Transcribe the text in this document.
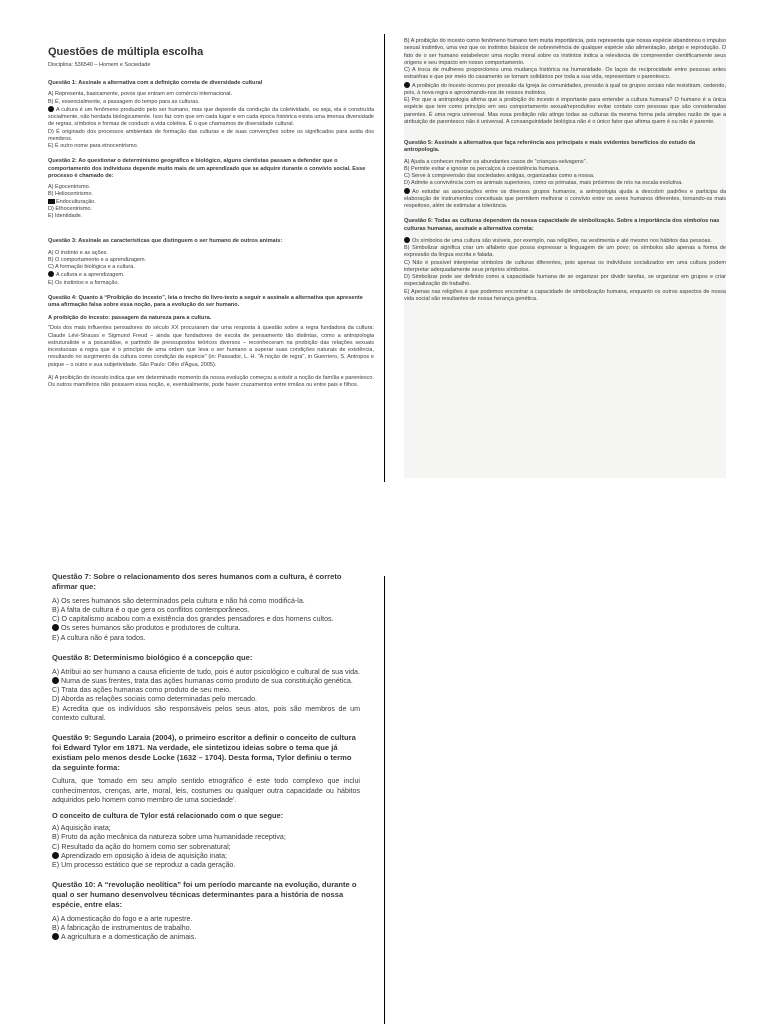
Questões de múltipla escolha
Disciplina: 536540 – Homem e Sociedade
Questão 1: Assinale a alternativa com a definição correta de diversidade cultural

A) Representa, basicamente, povos que entram em comércio internacional.

B) É, essencialmente, a passagem do tempo para as culturas.

A cultura é um fenômeno produzido pelo ser humano, mas que depende da condução da coletividade, ou seja, ela é construída socialmente, não herdada biologicamente. Isso faz com que em cada lugar e em cada época histórica exista uma imensa diversidade de regras, símbolos e formas de conduzir a vida coletiva. É o que chamamos de diversidade cultural.

D) É originado dos processos ambientais de formação das culturas e de suas convenções sobre os significados para avida dos membros.

E) É outro nome para etnocentrismo.

Questão 2: Ao questionar o determinismo geográfico e biológico, alguns cientistas passam a defender que o comportamento dos indivíduos depende muito mais de um aprendizado que se adquire durante o convívio social. Esse processo é chamado de:

A) Egocentrismo.

B) Heliocentrismo.

Endoculturação.

D) Ethocentrismo.

E) Identidade.

Questão 3: Assinale as características que distinguem o ser humano de outros animais:

A) O instinto e as ações.

B) O comportamento e a aprendizagem.

C) A formação biológica e a cultura.

A cultura e a aprendizagem.

E) Os instintos e a formação.

Questão 4: Quanto à “Proibição do incesto”, leia o trecho do livro-texto a seguir e assinale a alternativa que apresente uma afirmação falsa sobre essa noção, para a evolução do ser humano.
A proibição do incesto: passagem da natureza para a cultura.

"Dois dos mais influentes pensadores do século XX procuraram dar uma resposta à questão sobre a regra fundadora da cultura: Claude Lévi-Strauss e Sigmund Freud – ainda que fundadores de escola de pensamento tão distintas, como a antropologia estruturaliste e a psicanálise, e partindo de pressupostos teóricos diversos – reconheceram na proibição das relações sexuais incestuosas a regra que é o princípio de uma ordem que leva o ser humano a superar suas condições naturais de existência, resultando no surgimento da cultura como condição da espécie" (in: Passador, L. H. "A noção de regra", in Guerriero, S. Antropos e psique – o outro e sua subjetividade. São Paulo: Olho d'Água, 2005).

A) A proibição do incesto indica que em determinado momento da nossa evolução começou a existir a noção de família e parentesco. Os outros mamíferos não possuem essa noção, e, eventualmente, pode haver cruzamentos entre irmãos ou entre pais e filhos.

B) A proibição do incesto como fenômeno humano tem muita importância, pois representa que nossa espécie abandonou o impulso sexual instintivo, uma vez que os instintos básicos de sobrevivência de qualquer espécie são alimentação, abrigo e reprodução. O fato de o ser humano estabelecer uma noção moral sobre os instintos indica a relevância de compreender cientificamente seus origens e seu impacto em nosso comportamento.

C) A troca de mulheres proporcionou uma mudança histórica na humanidade. Os laços de reciprocidade entre pessoas antes estranhas e que por meio do casamento se tornam solidários por toda a sua vida, representam o parentesco.

A proibição do incesto ocorreu por pressão da Igreja às comunidades, pressão à qual os grupos sociais não resistiram, cedendo, pois, à nova regra e aproximando-nos de nossos instintos.

E) Por que a antropologia afirma que a proibição do incesto é importante para entender a cultura humana? O humano é a única espécie que tem como princípio em seu comportamento sexual/reprodutivo evitar contato com pessoas que são consideradas parentes. É uma regra universal. Mas essa proibição não atinge todas as culturas da mesma forma pela simples razão de que a atribuição de parentesco não é universal. A consanguinidade biológica não é o único fator que afirma quem é ou não é parente.

Questão 5: Assinale a alternativa que faça referência aos principais e mais evidentes benefícios do estudo da antropologia.

A) Ajuda a conhecer melhor os abundantes casos de "crianças-selvagens".

B) Permite evitar e ignorar os percalços à coexistência humana.

C) Serve à compreensão das sociedades antigas, organizadas como a nossa.

D) Admite a convivência com os animais superiores, como os primatas, mais próximos de nós na escala evolutiva.

Ao estudar as associações entre os diversos grupos humanos, a antropologia ajuda a descobrir padrões e participa da elaboração de instrumentos conceituais que permitem melhorar o convívio entre os seres humanos diferentes, tornando-os mais respeitoso, além de estimular a tolerância.

Questão 6: Todas as culturas dependem da nossa capacidade de simbolização. Sobre a importância dos símbolos nas culturas humanas, assinale a alternativa correta:

Os símbolos de uma cultura são visíveis, por exemplo, nas religiões, na vestimenta e até mesmo nos hábitos das pessoas.

B) Simbolizar significa criar um alfabeto que possa expressar a linguagem de um povo; os símbolos são apenas a forma de expressão da língua escrita e falada.

C) Não é possível interpretar símbolos de culturas diferentes, pois apenas os indivíduos socializados em uma cultura podem interpretar adequadamente seus próprios símbolos.

D) Simbolizar pode ser definido como a capacidade humana de se organizar por dividir tarefas, se organizar em grupos e criar especialização do trabalho.

E) Apenas nas religiões é que podemos encontrar a capacidade de simbolização humana, enquanto os outros aspectos de nossa vida social são resultantes de nossa herança genética.

Questão 7: Sobre o relacionamento dos seres humanos com a cultura, é correto afirmar que:

A) Os seres humanos são determinados pela cultura e não há como modificá-la.

B) A falta de cultura é o que gera os conflitos contemporâneos.

C) O capitalismo acabou com a existência dos grandes pensadores e dos homens cultos.

Os seres humanos são produtos e produtores de cultura.

E) A cultura não é para todos.

Questão 8: Determinismo biológico é a concepção que:

A) Atribui ao ser humano a causa eficiente de tudo, pois é autor psicológico e cultural de sua vida.

Numa de suas frentes, trata das ações humanas como produto de sua constituição genética.

C) Trata das ações humanas como produto de seu meio.

D) Aborda as relações sociais como determinadas pelo mercado.

E) Acredita que os indivíduos são responsáveis pelos seus atos, pois são membros de um contexto cultural.

Questão 9: Segundo Laraia (2004), o primeiro escritor a definir o conceito de cultura foi Edward Tylor em 1871. Na verdade, ele sintetizou ideias sobre o tema que já existiam pelo menos desde Locke (1632 – 1704). Desta forma, Tylor definiu o termo da seguinte forma:

Cultura, que 'tomado em seu amplo sentido etnográfico é este todo complexo que inclui conhecimentos, crenças, arte, moral, leis, costumes ou qualquer outra capacidade ou hábitos adquiridos pelo homem como membro de uma sociedade'.

O conceito de cultura de Tylor está relacionado com o que segue:

A) Aquisição inata;

B) Fruto da ação mecânica da natureza sobre uma humanidade receptiva;

C) Resultado da ação do homem como ser sobrenatural;

Aprendizado em oposição à ideia de aquisição inata;

E) Um processo estático que se reproduz a cada geração.

Questão 10: A “revolução neolítica” foi um período marcante na evolução, durante o qual o ser humano desenvolveu técnicas determinantes para a história de nossa espécie, entre elas:

A) A domesticação do fogo e a arte rupestre.

B) A fabricação de instrumentos de trabalho.

A agricultura e a domesticação de animais.
